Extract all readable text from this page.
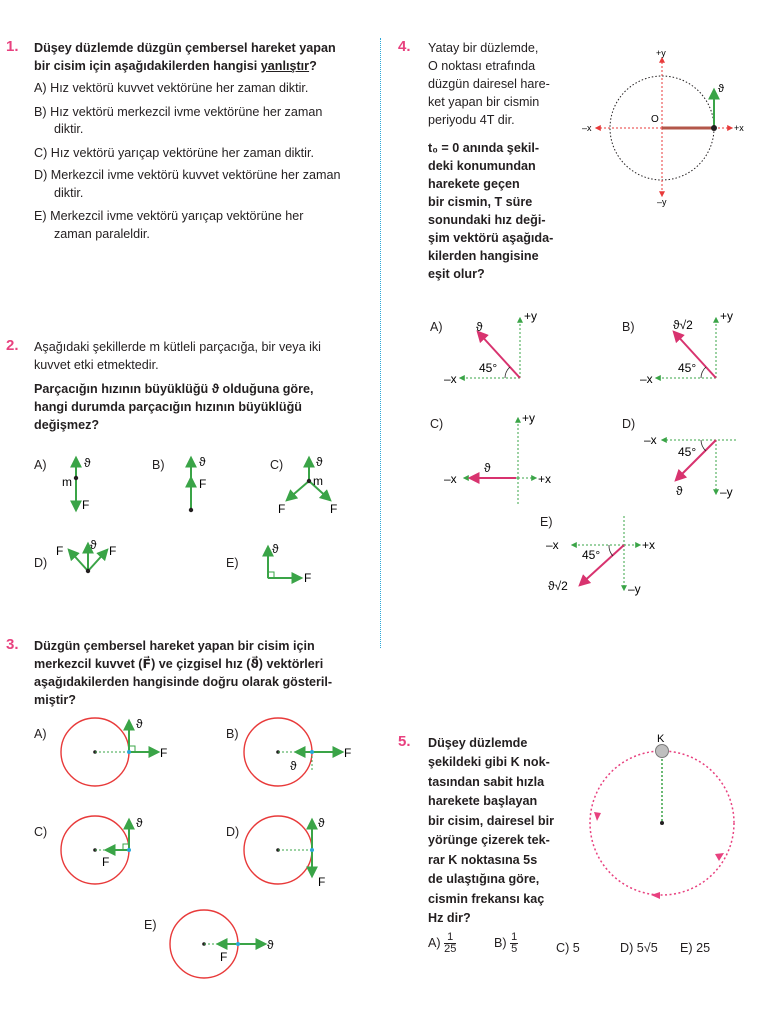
1. Düşey düzlemde düzgün çembersel hareket yapan
bir cisim için aşağıdakilerden hangisi yanlıştır?
A) Hız vektörü kuvvet vektörüne her zaman diktir.
B) Hız vektörü merkezcil ivme vektörüne her zaman
diktir.
C) Hız vektörü yarıçap vektörüne her zaman diktir.
D) Merkezcil ivme vektörü kuvvet vektörüne her zaman
diktir.
E) Merkezcil ivme vektörü yarıçap vektörüne her
zaman paraleldir.
2. Aşağıdaki şekillerde m kütleli parçacığa, bir veya iki
kuvvet etki etmektedir.
Parçacığın hızının büyüklüğü ϑ olduğuna göre,
hangi durumda parçacığın hızının büyüklüğü
değişmez?
A)	B)	C)
D)	E)
3. Düzgün çembersel hareket yapan bir cisim için
merkezcil kuvvet (F⃗) ve çizgisel hız (ϑ⃗) vektörleri
aşağıdakilerden hangisinde doğru olarak gösteril-
miştir?
A)	B)
C)	D)
E)
4. Yatay bir düzlemde,
O noktası etrafında
düzgün dairesel hare-
ket yapan bir cismin
periyodu 4T dir.
t₀ = 0 anında şekil-
deki konumundan
harekete geçen
bir cismin, T süre
sonundaki hız deği-
şim vektörü aşağıda-
kilerden hangisine
eşit olur?
A)	B)
C)	D)
E)
5. Düşey düzlemde
şekildeki gibi K nok-
tasından sabit hızla
harekete başlayan
bir cisim, dairesel bir
yörünge çizerek tek-
rar K noktasına 5s
de ulaştığına göre,
cismin frekansı kaç
Hz dir?
$A) \frac{1}{25}$	$B) \frac{1}{5}$	C) 5	D) 5√5 E) 25
ϑ
m
F
ϑ
F
ϑ
m
F	F
ϑ
F	F	ϑ
F
ϑ
F
ϑ
F
ϑ
F
ϑ
F
F
ϑ
+y
–y
–x	+x
O
ϑ
45°
ϑ
+y
–x
45°
ϑ√2
+y
–x
ϑ
+y
–x	+x
45°
ϑ
–x
–y
45°
ϑ√2
–x	+x
–y
K
